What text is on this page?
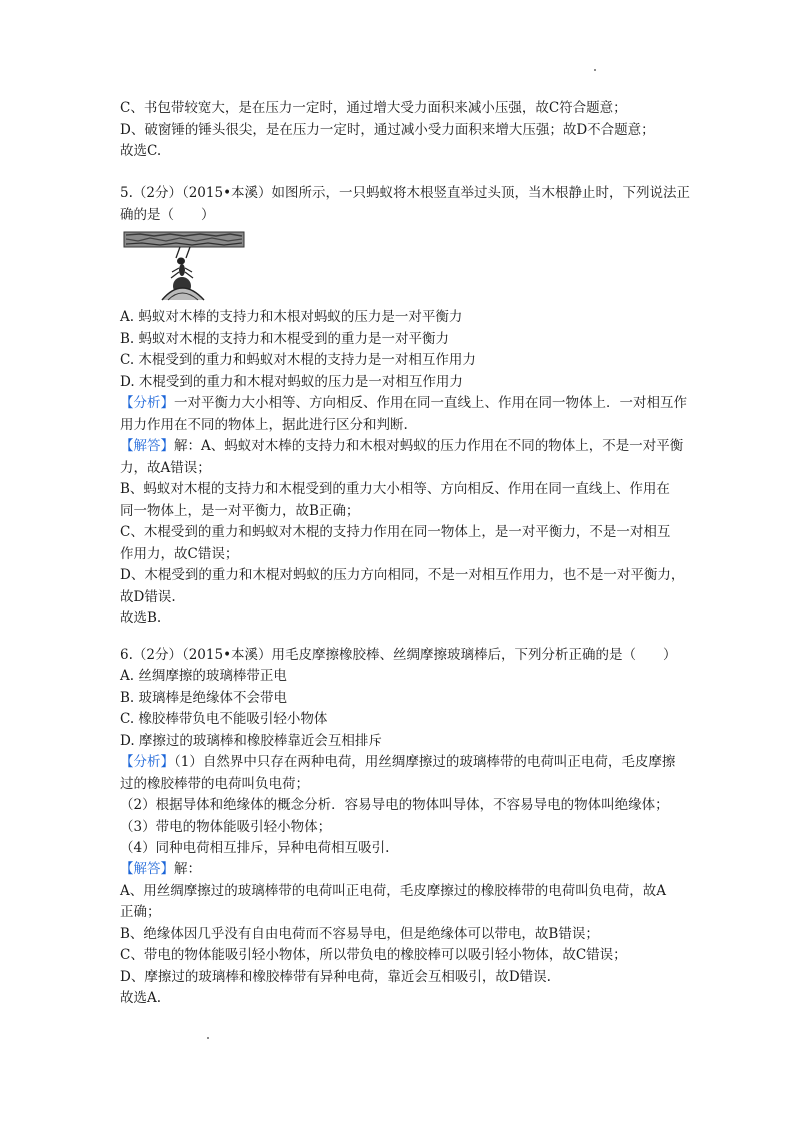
C、书包带较宽大，是在压力一定时，通过增大受力面积来减小压强，故C符合题意；
D、破窗锤的锤头很尖，是在压力一定时，通过减小受力面积来增大压强；故D不合题意；
故选C.
5.（2分）（2015•本溪）如图所示，一只蚂蚁将木根竖直举过头顶，当木根静止时，下列说法正
确的是（　　）
A. 蚂蚁对木棒的支持力和木根对蚂蚁的压力是一对平衡力
B. 蚂蚁对木棍的支持力和木棍受到的重力是一对平衡力
C. 木棍受到的重力和蚂蚁对木棍的支持力是一对相互作用力
D. 木棍受到的重力和木棍对蚂蚁的压力是一对相互作用力
【分析】一对平衡力大小相等、方向相反、作用在同一直线上、作用在同一物体上．一对相互作
用力作用在不同的物体上，据此进行区分和判断.
【解答】解：A、蚂蚁对木棒的支持力和木根对蚂蚁的压力作用在不同的物体上，不是一对平衡
力，故A错误；
B、蚂蚁对木棍的支持力和木棍受到的重力大小相等、方向相反、作用在同一直线上、作用在
同一物体上，是一对平衡力，故B正确；
C、木棍受到的重力和蚂蚁对木棍的支持力作用在同一物体上，是一对平衡力，不是一对相互
作用力，故C错误；
D、木棍受到的重力和木棍对蚂蚁的压力方向相同，不是一对相互作用力，也不是一对平衡力，
故D错误.
故选B.
6.（2分）（2015•本溪）用毛皮摩擦橡胶棒、丝绸摩擦玻璃棒后，下列分析正确的是（　　）
A. 丝绸摩擦的玻璃棒带正电
B. 玻璃棒是绝缘体不会带电
C. 橡胶棒带负电不能吸引轻小物体
D. 摩擦过的玻璃棒和橡胶棒靠近会互相排斥
【分析】（1）自然界中只存在两种电荷，用丝绸摩擦过的玻璃棒带的电荷叫正电荷，毛皮摩擦
过的橡胶棒带的电荷叫负电荷；
（2）根据导体和绝缘体的概念分析．容易导电的物体叫导体，不容易导电的物体叫绝缘体；
（3）带电的物体能吸引轻小物体；
（4）同种电荷相互排斥，异种电荷相互吸引.
【解答】解：
A、用丝绸摩擦过的玻璃棒带的电荷叫正电荷，毛皮摩擦过的橡胶棒带的电荷叫负电荷，故A
正确；
B、绝缘体因几乎没有自由电荷而不容易导电，但是绝缘体可以带电，故B错误；
C、带电的物体能吸引轻小物体，所以带负电的橡胶棒可以吸引轻小物体，故C错误；
D、摩擦过的玻璃棒和橡胶棒带有异种电荷，靠近会互相吸引，故D错误.
故选A.
